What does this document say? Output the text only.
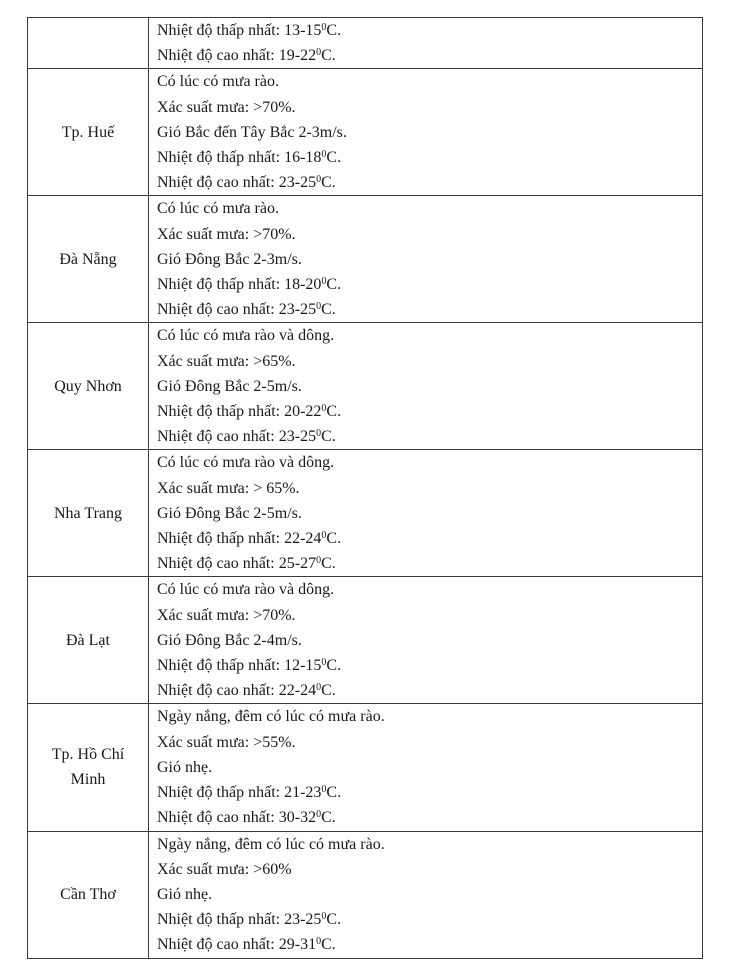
	Nhiệt độ thấp nhất: $13-15^0C$.
Nhiệt độ cao nhất: $19-22^0C$.

Tp. Huế	Có lúc có mưa rào.
Xác suất mưa: >70%.
Gió Bắc đến Tây Bắc 2-3m/s.
Nhiệt độ thấp nhất: $16-18^0C$.
Nhiệt độ cao nhất: $23-25^0C$.

Đà Nẵng	Có lúc có mưa rào.
Xác suất mưa: >70%.
Gió Đông Bắc 2-3m/s.
Nhiệt độ thấp nhất: $18-20^0C$.
Nhiệt độ cao nhất: $23-25^0C$.

Quy Nhơn	Có lúc có mưa rào và dông.
Xác suất mưa: >65%.
Gió Đông Bắc 2-5m/s.
Nhiệt độ thấp nhất: $20-22^0C$.
Nhiệt độ cao nhất: $23-25^0C$.

Nha Trang	Có lúc có mưa rào và dông.
Xác suất mưa: > 65%.
Gió Đông Bắc 2-5m/s.
Nhiệt độ thấp nhất: $22-24^0C$.
Nhiệt độ cao nhất: $25-27^0C$.

Đà Lạt	Có lúc có mưa rào và dông.
Xác suất mưa: >70%.
Gió Đông Bắc 2-4m/s.
Nhiệt độ thấp nhất: $12-15^0C$.
Nhiệt độ cao nhất: $22-24^0C$.

Tp. Hồ Chí Minh	Ngày nắng, đêm có lúc có mưa rào.
Xác suất mưa: >55%.
Gió nhẹ.
Nhiệt độ thấp nhất: $21-23^0C$.
Nhiệt độ cao nhất: $30-32^0C$.

Cần Thơ	Ngày nắng, đêm có lúc có mưa rào.
Xác suất mưa: >60%
Gió nhẹ.
Nhiệt độ thấp nhất: $23-25^0C$.
Nhiệt độ cao nhất: $29-31^0C$.
